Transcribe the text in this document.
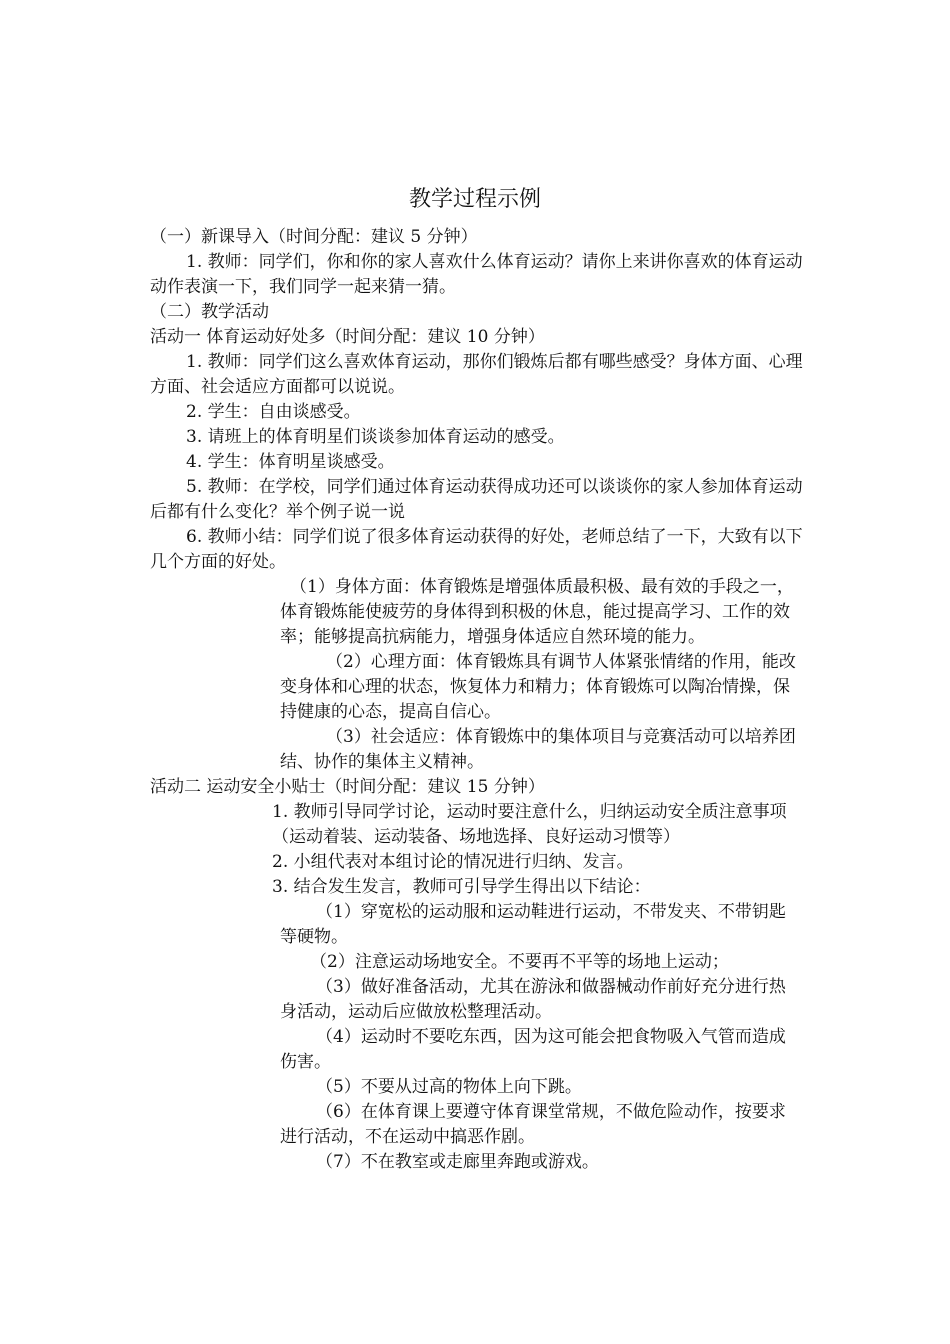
教学过程示例

（一）新课导入（时间分配：建议 5 分钟）

1. 教师：同学们，你和你的家人喜欢什么体育运动？请你上来讲你喜欢的体育运动动作表演一下，我们同学一起来猜一猜。

（二）教学活动

活动一 体育运动好处多（时间分配：建议 10 分钟）

1. 教师：同学们这么喜欢体育运动，那你们锻炼后都有哪些感受？身体方面、心理方面、社会适应方面都可以说说。

2. 学生：自由谈感受。

3. 请班上的体育明星们谈谈参加体育运动的感受。

4. 学生：体育明星谈感受。

5. 教师：在学校，同学们通过体育运动获得成功还可以谈谈你的家人参加体育运动后都有什么变化？举个例子说一说

6. 教师小结：同学们说了很多体育运动获得的好处，老师总结了一下，大致有以下几个方面的好处。

（1）身体方面：体育锻炼是增强体质最积极、最有效的手段之一，体育锻炼能使疲劳的身体得到积极的休息，能过提高学习、工作的效率；能够提高抗病能力，增强身体适应自然环境的能力。

（2）心理方面：体育锻炼具有调节人体紧张情绪的作用，能改变身体和心理的状态，恢复体力和精力；体育锻炼可以陶冶情操，保持健康的心态，提高自信心。

（3）社会适应：体育锻炼中的集体项目与竞赛活动可以培养团结、协作的集体主义精神。

活动二 运动安全小贴士（时间分配：建议 15 分钟）

1. 教师引导同学讨论，运动时要注意什么，归纳运动安全质注意事项（运动着装、运动装备、场地选择、良好运动习惯等）

2. 小组代表对本组讨论的情况进行归纳、发言。

3. 结合发生发言，教师可引导学生得出以下结论：

（1）穿宽松的运动服和运动鞋进行运动，不带发夹、不带钥匙等硬物。

（2）注意运动场地安全。不要再不平等的场地上运动；

（3）做好准备活动，尤其在游泳和做器械动作前好充分进行热身活动，运动后应做放松整理活动。

（4）运动时不要吃东西，因为这可能会把食物吸入气管而造成伤害。

（5）不要从过高的物体上向下跳。

（6）在体育课上要遵守体育课堂常规，不做危险动作，按要求进行活动，不在运动中搞恶作剧。

（7）不在教室或走廊里奔跑或游戏。
